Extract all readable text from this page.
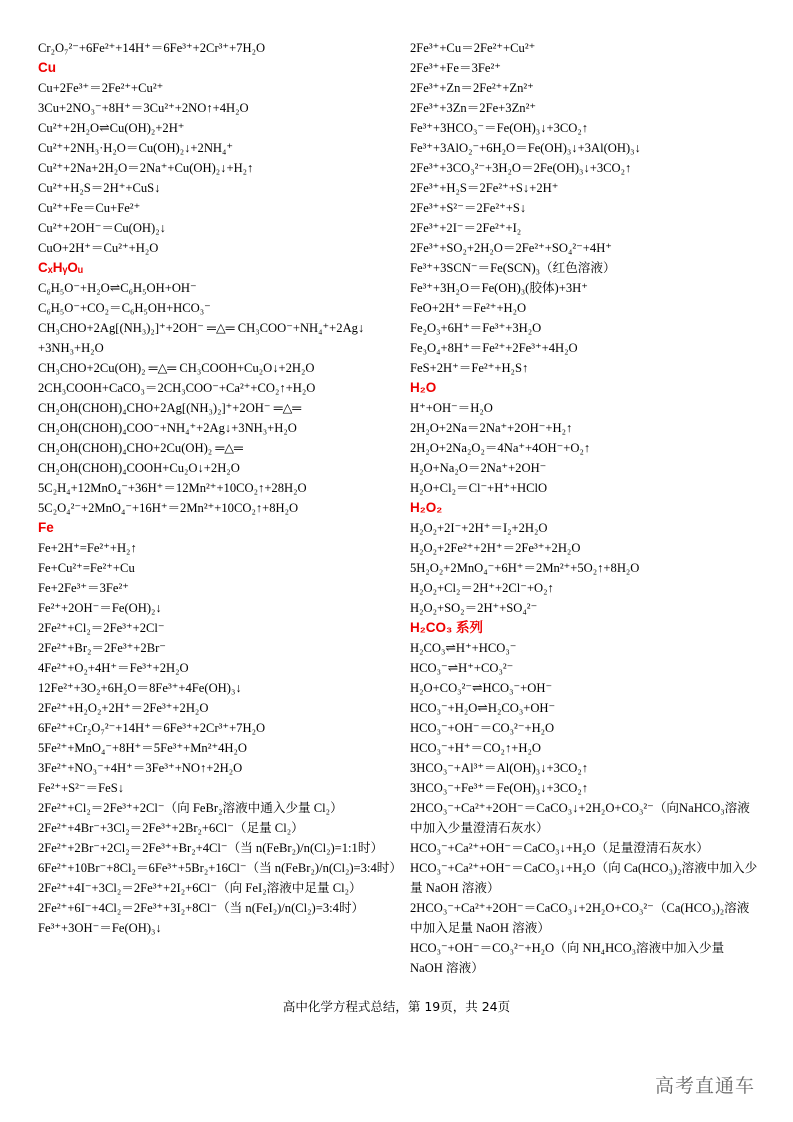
Cr₂O₇²⁻+6Fe²⁺+14H⁺＝6Fe³⁺+2Cr³⁺+7H₂O
Cu
Cu+2Fe³⁺＝2Fe²⁺+Cu²⁺
3Cu+2NO₃⁻+8H⁺＝3Cu²⁺+2NO↑+4H₂O
Cu²⁺+2H₂O⇌Cu(OH)₂+2H⁺
Cu²⁺+2NH₃·H₂O＝Cu(OH)₂↓+2NH₄⁺
Cu²⁺+2Na+2H₂O＝2Na⁺+Cu(OH)₂↓+H₂↑
Cu²⁺+H₂S＝2H⁺+CuS↓
Cu²⁺+Fe＝Cu+Fe²⁺
Cu²⁺+2OH⁻＝Cu(OH)₂↓
CuO+2H⁺＝Cu²⁺+H₂O
CₓHᵧOᵤ
C₆H₅O⁻+H₂O⇌C₆H₅OH+OH⁻
C₆H₅O⁻+CO₂＝C₆H₅OH+HCO₃⁻
CH₃CHO+2Ag[(NH₃)₂]⁺+2OH⁻ ═△═ CH₃COO⁻+NH₄⁺+2Ag↓
+3NH₃+H₂O
CH₃CHO+2Cu(OH)₂ ═△═ CH₃COOH+Cu₂O↓+2H₂O
2CH₃COOH+CaCO₃＝2CH₃COO⁻+Ca²⁺+CO₂↑+H₂O
CH₂OH(CHOH)₄CHO+2Ag[(NH₃)₂]⁺+2OH⁻ ═△═
CH₂OH(CHOH)₄COO⁻+NH₄⁺+2Ag↓+3NH₃+H₂O
CH₂OH(CHOH)₄CHO+2Cu(OH)₂ ═△═
CH₂OH(CHOH)₄COOH+Cu₂O↓+2H₂O
5C₂H₄+12MnO₄⁻+36H⁺＝12Mn²⁺+10CO₂↑+28H₂O
5C₂O₄²⁻+2MnO₄⁻+16H⁺＝2Mn²⁺+10CO₂↑+8H₂O
Fe
Fe+2H⁺=Fe²⁺+H₂↑
Fe+Cu²⁺=Fe²⁺+Cu
Fe+2Fe³⁺＝3Fe²⁺
Fe²⁺+2OH⁻＝Fe(OH)₂↓
2Fe²⁺+Cl₂＝2Fe³⁺+2Cl⁻
2Fe²⁺+Br₂＝2Fe³⁺+2Br⁻
4Fe²⁺+O₂+4H⁺＝Fe³⁺+2H₂O
12Fe²⁺+3O₂+6H₂O＝8Fe³⁺+4Fe(OH)₃↓
2Fe²⁺+H₂O₂+2H⁺＝2Fe³⁺+2H₂O
6Fe²⁺+Cr₂O₇²⁻+14H⁺＝6Fe³⁺+2Cr³⁺+7H₂O
5Fe²⁺+MnO₄⁻+8H⁺＝5Fe³⁺+Mn²⁺4H₂O
3Fe²⁺+NO₃⁻+4H⁺＝3Fe³⁺+NO↑+2H₂O
Fe²⁺+S²⁻＝FeS↓
2Fe²⁺+Cl₂＝2Fe³⁺+2Cl⁻（向 FeBr₂溶液中通入少量 Cl₂）
2Fe²⁺+4Br⁻+3Cl₂＝2Fe³⁺+2Br₂+6Cl⁻（足量 Cl₂）
2Fe²⁺+2Br⁻+2Cl₂＝2Fe³⁺+Br₂+4Cl⁻（当 n(FeBr₂)/n(Cl₂)=1:1时）
6Fe²⁺+10Br⁻+8Cl₂＝6Fe³⁺+5Br₂+16Cl⁻（当 n(FeBr₂)/n(Cl₂)=3:4时）
2Fe²⁺+4I⁻+3Cl₂＝2Fe³⁺+2I₂+6Cl⁻（向 FeI₂溶液中足量 Cl₂）
2Fe²⁺+6I⁻+4Cl₂＝2Fe³⁺+3I₂+8Cl⁻（当 n(FeI₂)/n(Cl₂)=3:4时）
Fe³⁺+3OH⁻＝Fe(OH)₃↓
2Fe³⁺+Cu＝2Fe²⁺+Cu²⁺
2Fe³⁺+Fe＝3Fe²⁺
2Fe³⁺+Zn＝2Fe²⁺+Zn²⁺
2Fe³⁺+3Zn＝2Fe+3Zn²⁺
Fe³⁺+3HCO₃⁻＝Fe(OH)₃↓+3CO₂↑
Fe³⁺+3AlO₂⁻+6H₂O＝Fe(OH)₃↓+3Al(OH)₃↓
2Fe³⁺+3CO₃²⁻+3H₂O＝2Fe(OH)₃↓+3CO₂↑
2Fe³⁺+H₂S＝2Fe²⁺+S↓+2H⁺
2Fe³⁺+S²⁻＝2Fe²⁺+S↓
2Fe³⁺+2I⁻＝2Fe²⁺+I₂
2Fe³⁺+SO₂+2H₂O＝2Fe²⁺+SO₄²⁻+4H⁺
Fe³⁺+3SCN⁻＝Fe(SCN)₃（红色溶液）
Fe³⁺+3H₂O＝Fe(OH)₃(胶体)+3H⁺
FeO+2H⁺＝Fe²⁺+H₂O
Fe₂O₃+6H⁺＝Fe³⁺+3H₂O
Fe₃O₄+8H⁺＝Fe²⁺+2Fe³⁺+4H₂O
FeS+2H⁺＝Fe²⁺+H₂S↑
H₂O
H⁺+OH⁻＝H₂O
2H₂O+2Na＝2Na⁺+2OH⁻+H₂↑
2H₂O+2Na₂O₂＝4Na⁺+4OH⁻+O₂↑
H₂O+Na₂O＝2Na⁺+2OH⁻
H₂O+Cl₂＝Cl⁻+H⁺+HClO
H₂O₂
H₂O₂+2I⁻+2H⁺＝I₂+2H₂O
H₂O₂+2Fe²⁺+2H⁺＝2Fe³⁺+2H₂O
5H₂O₂+2MnO₄⁻+6H⁺＝2Mn²⁺+5O₂↑+8H₂O
H₂O₂+Cl₂＝2H⁺+2Cl⁻+O₂↑
H₂O₂+SO₂＝2H⁺+SO₄²⁻
H₂CO₃ 系列
H₂CO₃⇌H⁺+HCO₃⁻
HCO₃⁻⇌H⁺+CO₃²⁻
H₂O+CO₃²⁻⇌HCO₃⁻+OH⁻
HCO₃⁻+H₂O⇌H₂CO₃+OH⁻
HCO₃⁻+OH⁻＝CO₃²⁻+H₂O
HCO₃⁻+H⁺＝CO₂↑+H₂O
3HCO₃⁻+Al³⁺＝Al(OH)₃↓+3CO₂↑
3HCO₃⁻+Fe³⁺＝Fe(OH)₃↓+3CO₂↑
2HCO₃⁻+Ca²⁺+2OH⁻＝CaCO₃↓+2H₂O+CO₃²⁻（向NaHCO₃溶液中加入少量澄清石灰水）
HCO₃⁻+Ca²⁺+OH⁻＝CaCO₃↓+H₂O（足量澄清石灰水）
HCO₃⁻+Ca²⁺+OH⁻＝CaCO₃↓+H₂O（向 Ca(HCO₃)₂溶液中加入少量 NaOH 溶液）
2HCO₃⁻+Ca²⁺+2OH⁻＝CaCO₃↓+2H₂O+CO₃²⁻（Ca(HCO₃)₂溶液中加入足量 NaOH 溶液）
HCO₃⁻+OH⁻＝CO₃²⁻+H₂O（向 NH₄HCO₃溶液中加入少量 NaOH 溶液）
高中化学方程式总结，第 19页，共 24页
高考直通车
